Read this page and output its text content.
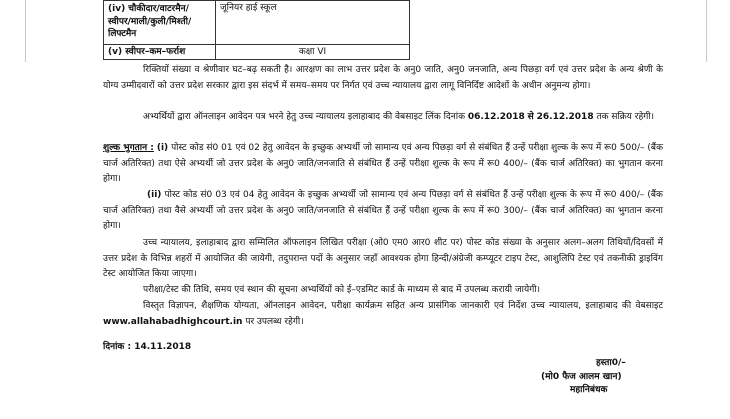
(iv) चौकीदार/वाटरमैन/स्वीपर/माली/कुली/मिश्ती/लिफ्टमैन	जूनियर हाई स्कूल
(v) स्वीपर–कम–फर्राश	कक्षा VI

रिक्तियों संख्या व श्रेणीवार घट–बढ़ सकती है। आरक्षण का लाभ उत्तर प्रदेश के अनु0 जाति, अनु0 जनजाति, अन्य पिछड़ा वर्ग एवं उत्तर प्रदेश के अन्य श्रेणी के योग्य उम्मीदवारों को उत्तर प्रदेश सरकार द्वारा इस संदर्भ में समय–समय पर निर्गत एवं उच्च न्यायालय द्वारा लागू विनिर्दिष्ट आदेशों के अधीन अनुमन्य होगा।

अभ्यर्थियों द्वारा ऑनलाइन आवेदन पत्र भरने हेतु उच्च न्यायालय इलाहाबाद की वेबसाइट लिंक दिनांक 06.12.2018 से 26.12.2018 तक सक्रिय रहेगी।

शुल्क भुगतान : (i) पोस्ट कोड सं0 01 एवं 02 हेतु आवेदन के इच्छुक अभ्यर्थी जो सामान्य एवं अन्य पिछड़ा वर्ग से संबंधित हैं उन्हें परीक्षा शुल्क के रूप में रू0 500/– (बैंक चार्ज अतिरिक्त) तथा ऐसे अभ्यर्थी जो उत्तर प्रदेश के अनु0 जाति/जनजाति से संबंधित हैं उन्हें परीक्षा शुल्क के रूप में रू0 400/– (बैंक चार्ज अतिरिक्त) का भुगतान करना होगा।

(ii) पोस्ट कोड सं0 03 एवं 04 हेतु आवेदन के इच्छुक अभ्यर्थी जो सामान्य एवं अन्य पिछड़ा वर्ग से संबंधित हैं उन्हें परीक्षा शुल्क के रूप में रू0 400/– (बैंक चार्ज अतिरिक्त) तथा वैसे अभ्यर्थी जो उत्तर प्रदेश के अनु0 जाति/जनजाति से संबंधित हैं उन्हें परीक्षा शुल्क के रूप में रू0 300/– (बैंक चार्ज अतिरिक्त) का भुगतान करना होगा।

उच्च न्यायालय, इलाहाबाद द्वारा सम्मिलित ऑफलाइन लिखित परीक्षा (ओ0 एम0 आर0 शीट पर) पोस्ट कोड संख्या के अनुसार अलग–अलग तिथियों/दिवसों में उत्तर प्रदेश के विभिन्न शहरों में आयोजित की जायेगी, तदुपरान्त पदों के अनुसार जहाँ आवश्यक होगा हिन्दी/अंग्रेजी कम्प्यूटर टाइप टेस्ट, आशुलिपि टेस्ट एवं तकनीकी ड्राइविंग टेस्ट आयोजित किया जाएगा।

परीक्षा/टेस्ट की तिथि, समय एवं स्थान की सूचना अभ्यर्थियों को ई–एडमिट कार्ड के माध्यम से बाद में उपलब्ध करायी जायेगी।

विस्तृत विज्ञापन, शैक्षणिक योग्यता, ऑनलाइन आवेदन, परीक्षा कार्यक्रम सहित अन्य प्रासंगिक जानकारी एवं निर्देश उच्च न्यायालय, इलाहाबाद की वेबसाइट www.allahabadhighcourt.in पर उपलब्ध रहेगी।

दिनांक : 14.11.2018
हस्ता0/–
(मो0 फैज आलम खान)
महानिबंधक
